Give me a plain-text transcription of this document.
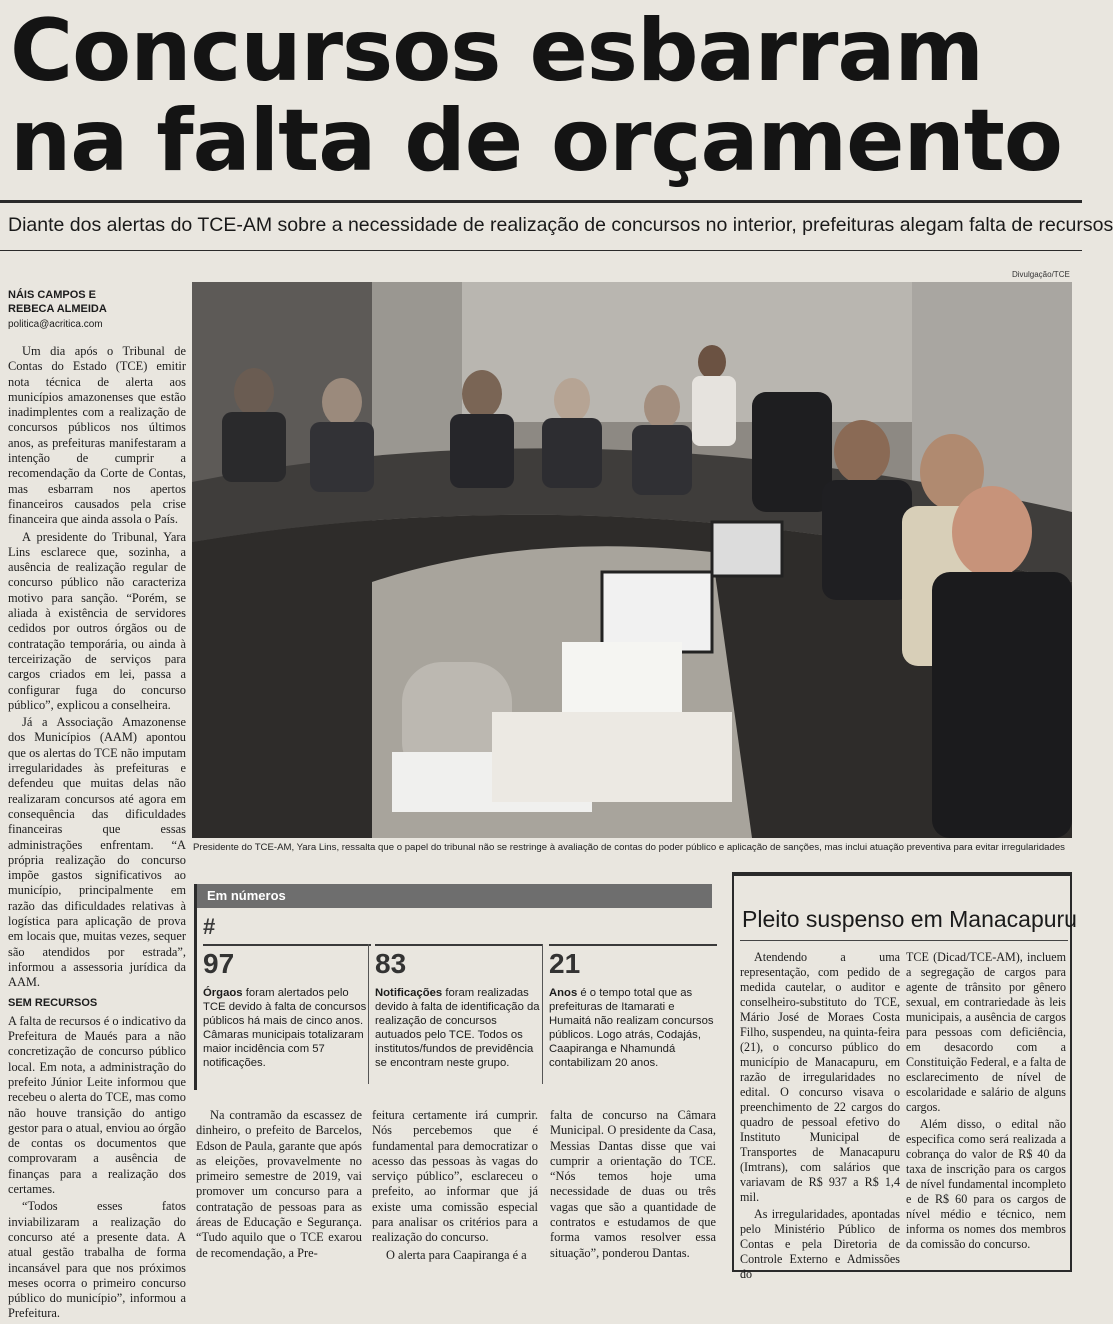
Concursos esbarram
na falta de orçamento
Diante dos alertas do TCE-AM sobre a necessidade de realização de concursos no interior, prefeituras alegam falta de recursos
NÁIS CAMPOS E
REBECA ALMEIDA
politica@acritica.com

Um dia após o Tribunal de Contas do Estado (TCE) emitir nota técnica de alerta aos municípios amazonenses que estão inadimplentes com a realização de concursos públicos nos últimos anos, as prefeituras manifestaram a intenção de cumprir a recomendação da Corte de Contas, mas esbarram nos apertos financeiros causados pela crise financeira que ainda assola o País.

A presidente do Tribunal, Yara Lins esclarece que, sozinha, a ausência de realização regular de concurso público não caracteriza motivo para sanção. “Porém, se aliada à existência de servidores cedidos por outros órgãos ou de contratação temporária, ou ainda à terceirização de serviços para cargos criados em lei, passa a configurar fuga do concurso público”, explicou a conselheira.

Já a Associação Amazonense dos Municípios (AAM) apontou que os alertas do TCE não imputam irregularidades às prefeituras e defendeu que muitas delas não realizaram concursos até agora em consequência das dificuldades financeiras que essas administrações enfrentam. “A própria realização do concurso impõe gastos significativos ao município, principalmente em razão das dificuldades relativas à logística para aplicação de prova em locais que, muitas vezes, sequer são atendidos por estrada”, informou a assessoria jurídica da AAM.

SEM RECURSOS

A falta de recursos é o indicativo da Prefeitura de Maués para a não concretização de concurso público local. Em nota, a administração do prefeito Júnior Leite informou que recebeu o alerta do TCE, mas como não houve transição do antigo gestor para o atual, enviou ao órgão de contas os documentos que comprovaram a ausência de finanças para a realização dos certames.

“Todos esses fatos inviabilizaram a realização do concurso até a presente data. A atual gestão trabalha de forma incansável para que nos próximos meses ocorra o primeiro concurso público do município”, informou a Prefeitura.

Divulgação/TCE
Presidente do TCE-AM, Yara Lins, ressalta que o papel do tribunal não se restringe à avaliação de contas do poder público e aplicação de sanções, mas inclui atuação preventiva para evitar irregularidades
Em números
#
97
Órgaos foram alertados pelo TCE devido à falta de concursos públicos há mais de cinco anos. Câmaras municipais totalizaram maior incidência com 57 notificações.
83
Notificações foram realizadas devido à falta de identificação da realização de concursos autuados pelo TCE. Todos os institutos/fundos de previdência se encontram neste grupo.
21
Anos é o tempo total que as prefeituras de Itamarati e Humaitá não realizam concursos públicos. Logo atrás, Codajás, Caapiranga e Nhamundá contabilizam 20 anos.

Na contramão da escassez de dinheiro, o prefeito de Barcelos, Edson de Paula, garante que após as eleições, provavelmente no primeiro semestre de 2019, vai promover um concurso para a contratação de pessoas para as áreas de Educação e Segurança. “Tudo aquilo que o TCE exarou de recomendação, a Pre-

feitura certamente irá cumprir. Nós percebemos que é fundamental para democratizar o acesso das pessoas às vagas do serviço público”, esclareceu o prefeito, ao informar que já existe uma comissão especial para analisar os critérios para a realização do concurso.

O alerta para Caapiranga é a

falta de concurso na Câmara Municipal. O presidente da Casa, Messias Dantas disse que vai cumprir a orientação do TCE. “Nós temos hoje uma necessidade de duas ou três vagas que são a quantidade de contratos e estudamos de que forma vamos resolver essa situação”, ponderou Dantas.

Pleito suspenso em Manacapuru

Atendendo a uma representação, com pedido de medida cautelar, o auditor e conselheiro-substituto do TCE, Mário José de Moraes Costa Filho, suspendeu, na quinta-feira (21), o concurso público do município de Manacapuru, em razão de irregularidades no edital. O concurso visava o preenchimento de 22 cargos do quadro de pessoal efetivo do Instituto Municipal de Transportes de Manacapuru (Imtrans), com salários que variavam de R$ 937 a R$ 1,4 mil.

As irregularidades, apontadas pelo Ministério Público de Contas e pela Diretoria de Controle Externo e Admissões do

TCE (Dicad/TCE-AM), incluem a segregação de cargos para agente de trânsito por gênero sexual, em contrariedade às leis municipais, a ausência de cargos para pessoas com deficiência, em desacordo com a Constituição Federal, e a falta de esclarecimento de nível de escolaridade e salário de alguns cargos.

Além disso, o edital não especifica como será realizada a cobrança do valor de R$ 40 da taxa de inscrição para os cargos de nível fundamental incompleto e de R$ 60 para os cargos de nível médio e técnico, nem informa os nomes dos membros da comissão do concurso.
